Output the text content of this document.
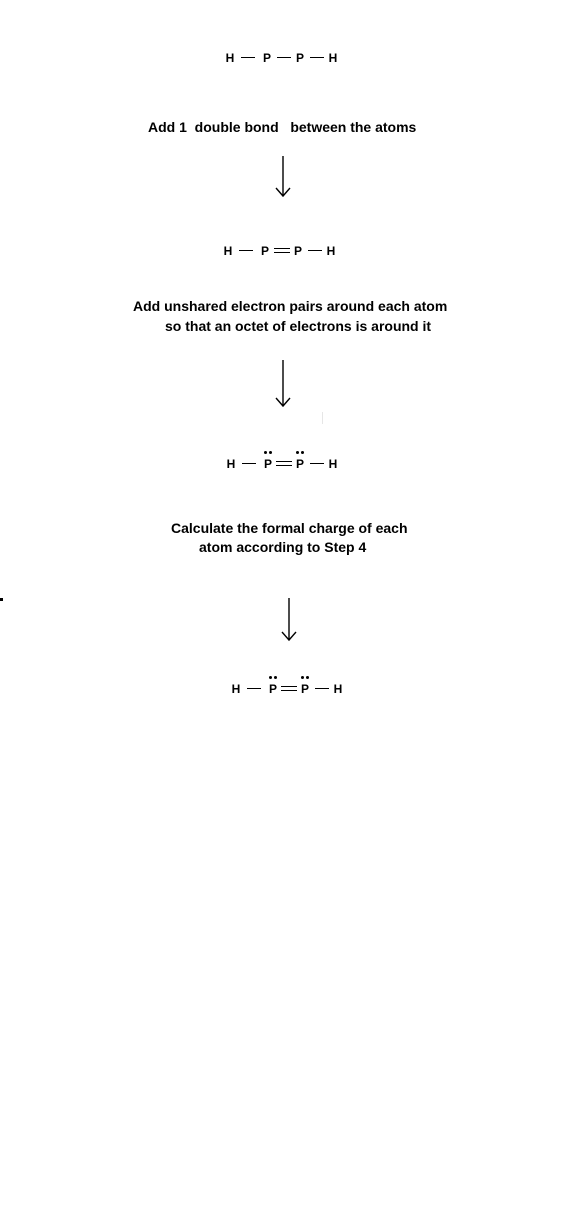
H P P H
Add 1  double bond   between the atoms
H P P H
Add unshared electron pairs around each atom
so that an octet of electrons is around it
H P P H
Calculate the formal charge of each
atom according to Step 4
H P P H
